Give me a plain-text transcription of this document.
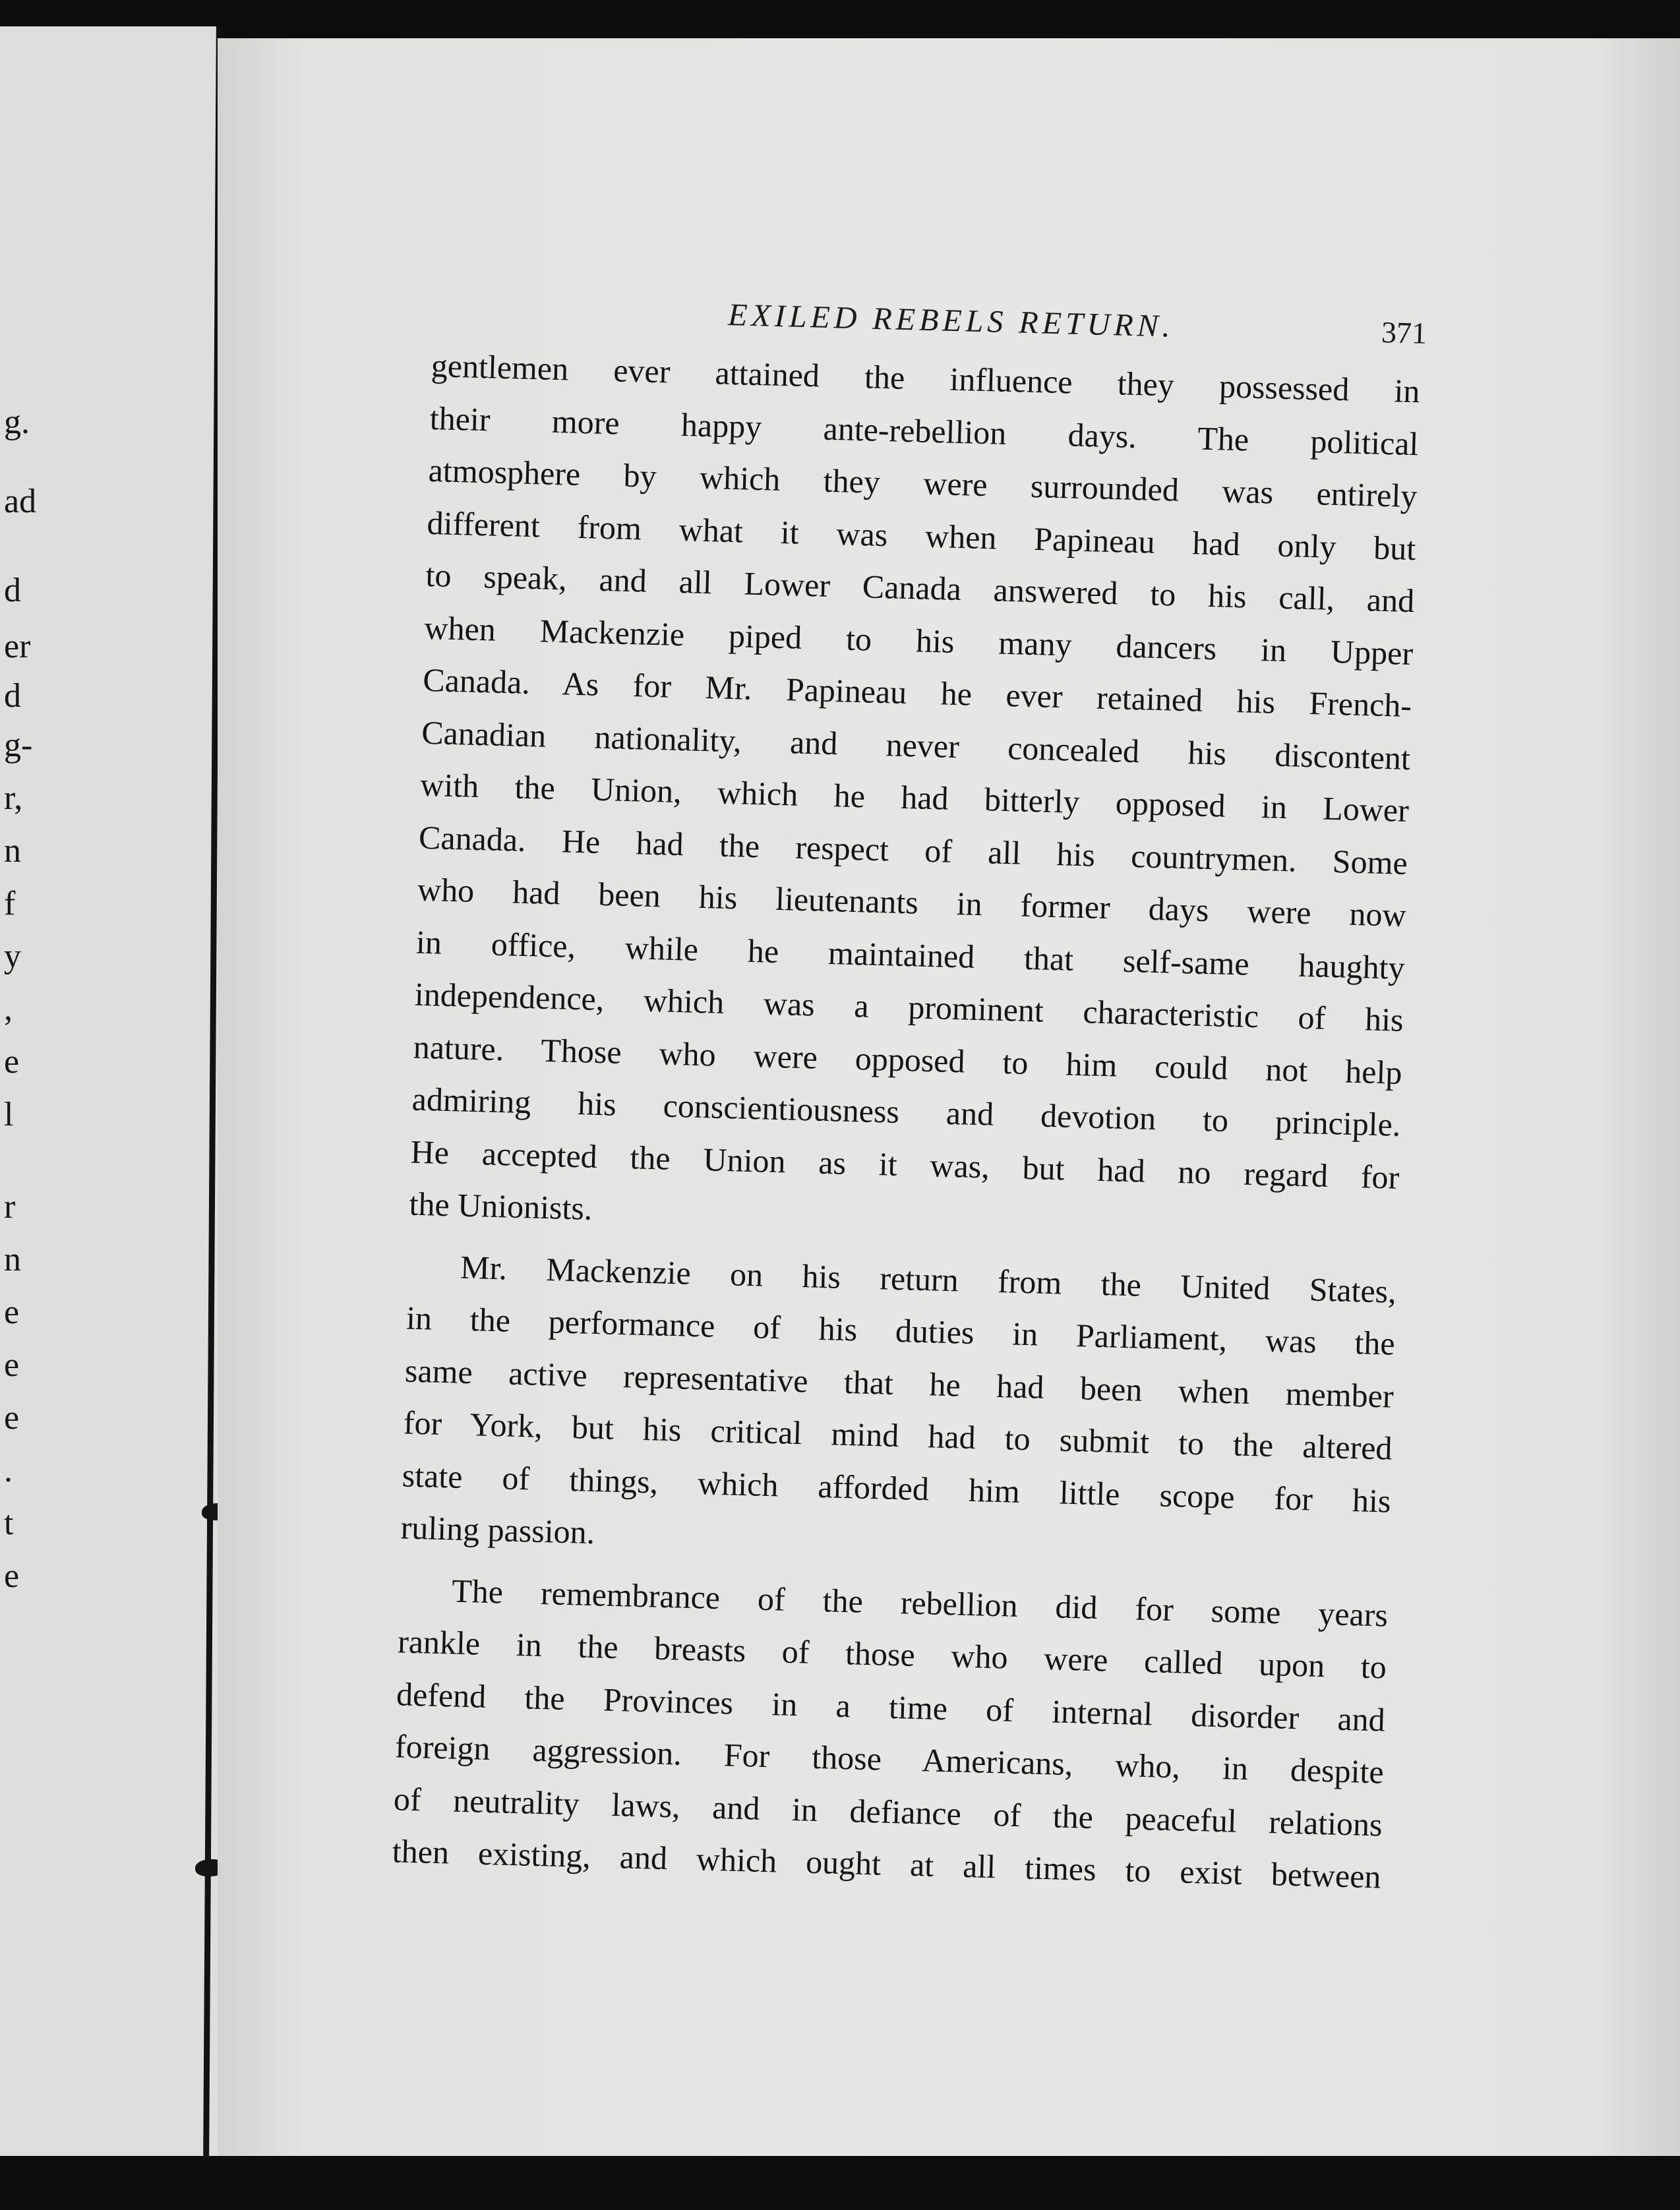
g.
ad
d
er
d
g-
r,
n
f
y
,
e
l
r
n
e
e
e
.
t
e
EXILED REBELS RETURN.	371
gentlemen ever attained the influence they possessed in
their more happy ante-rebellion days. The political
atmosphere by which they were surrounded was entirely
different from what it was when Papineau had only but
to speak, and all Lower Canada answered to his call, and
when Mackenzie piped to his many dancers in Upper
Canada. As for Mr. Papineau he ever retained his French-
Canadian nationality, and never concealed his discontent
with the Union, which he had bitterly opposed in Lower
Canada. He had the respect of all his countrymen. Some
who had been his lieutenants in former days were now
in office, while he maintained that self-same haughty
independence, which was a prominent characteristic of his
nature. Those who were opposed to him could not help
admiring his conscientiousness and devotion to principle.
He accepted the Union as it was, but had no regard for
the Unionists.
Mr. Mackenzie on his return from the United States,
in the performance of his duties in Parliament, was the
same active representative that he had been when member
for York, but his critical mind had to submit to the altered
state of things, which afforded him little scope for his
ruling passion.
The remembrance of the rebellion did for some years
rankle in the breasts of those who were called upon to
defend the Provinces in a time of internal disorder and
foreign aggression. For those Americans, who, in despite
of neutrality laws, and in defiance of the peaceful relations
then existing, and which ought at all times to exist between
